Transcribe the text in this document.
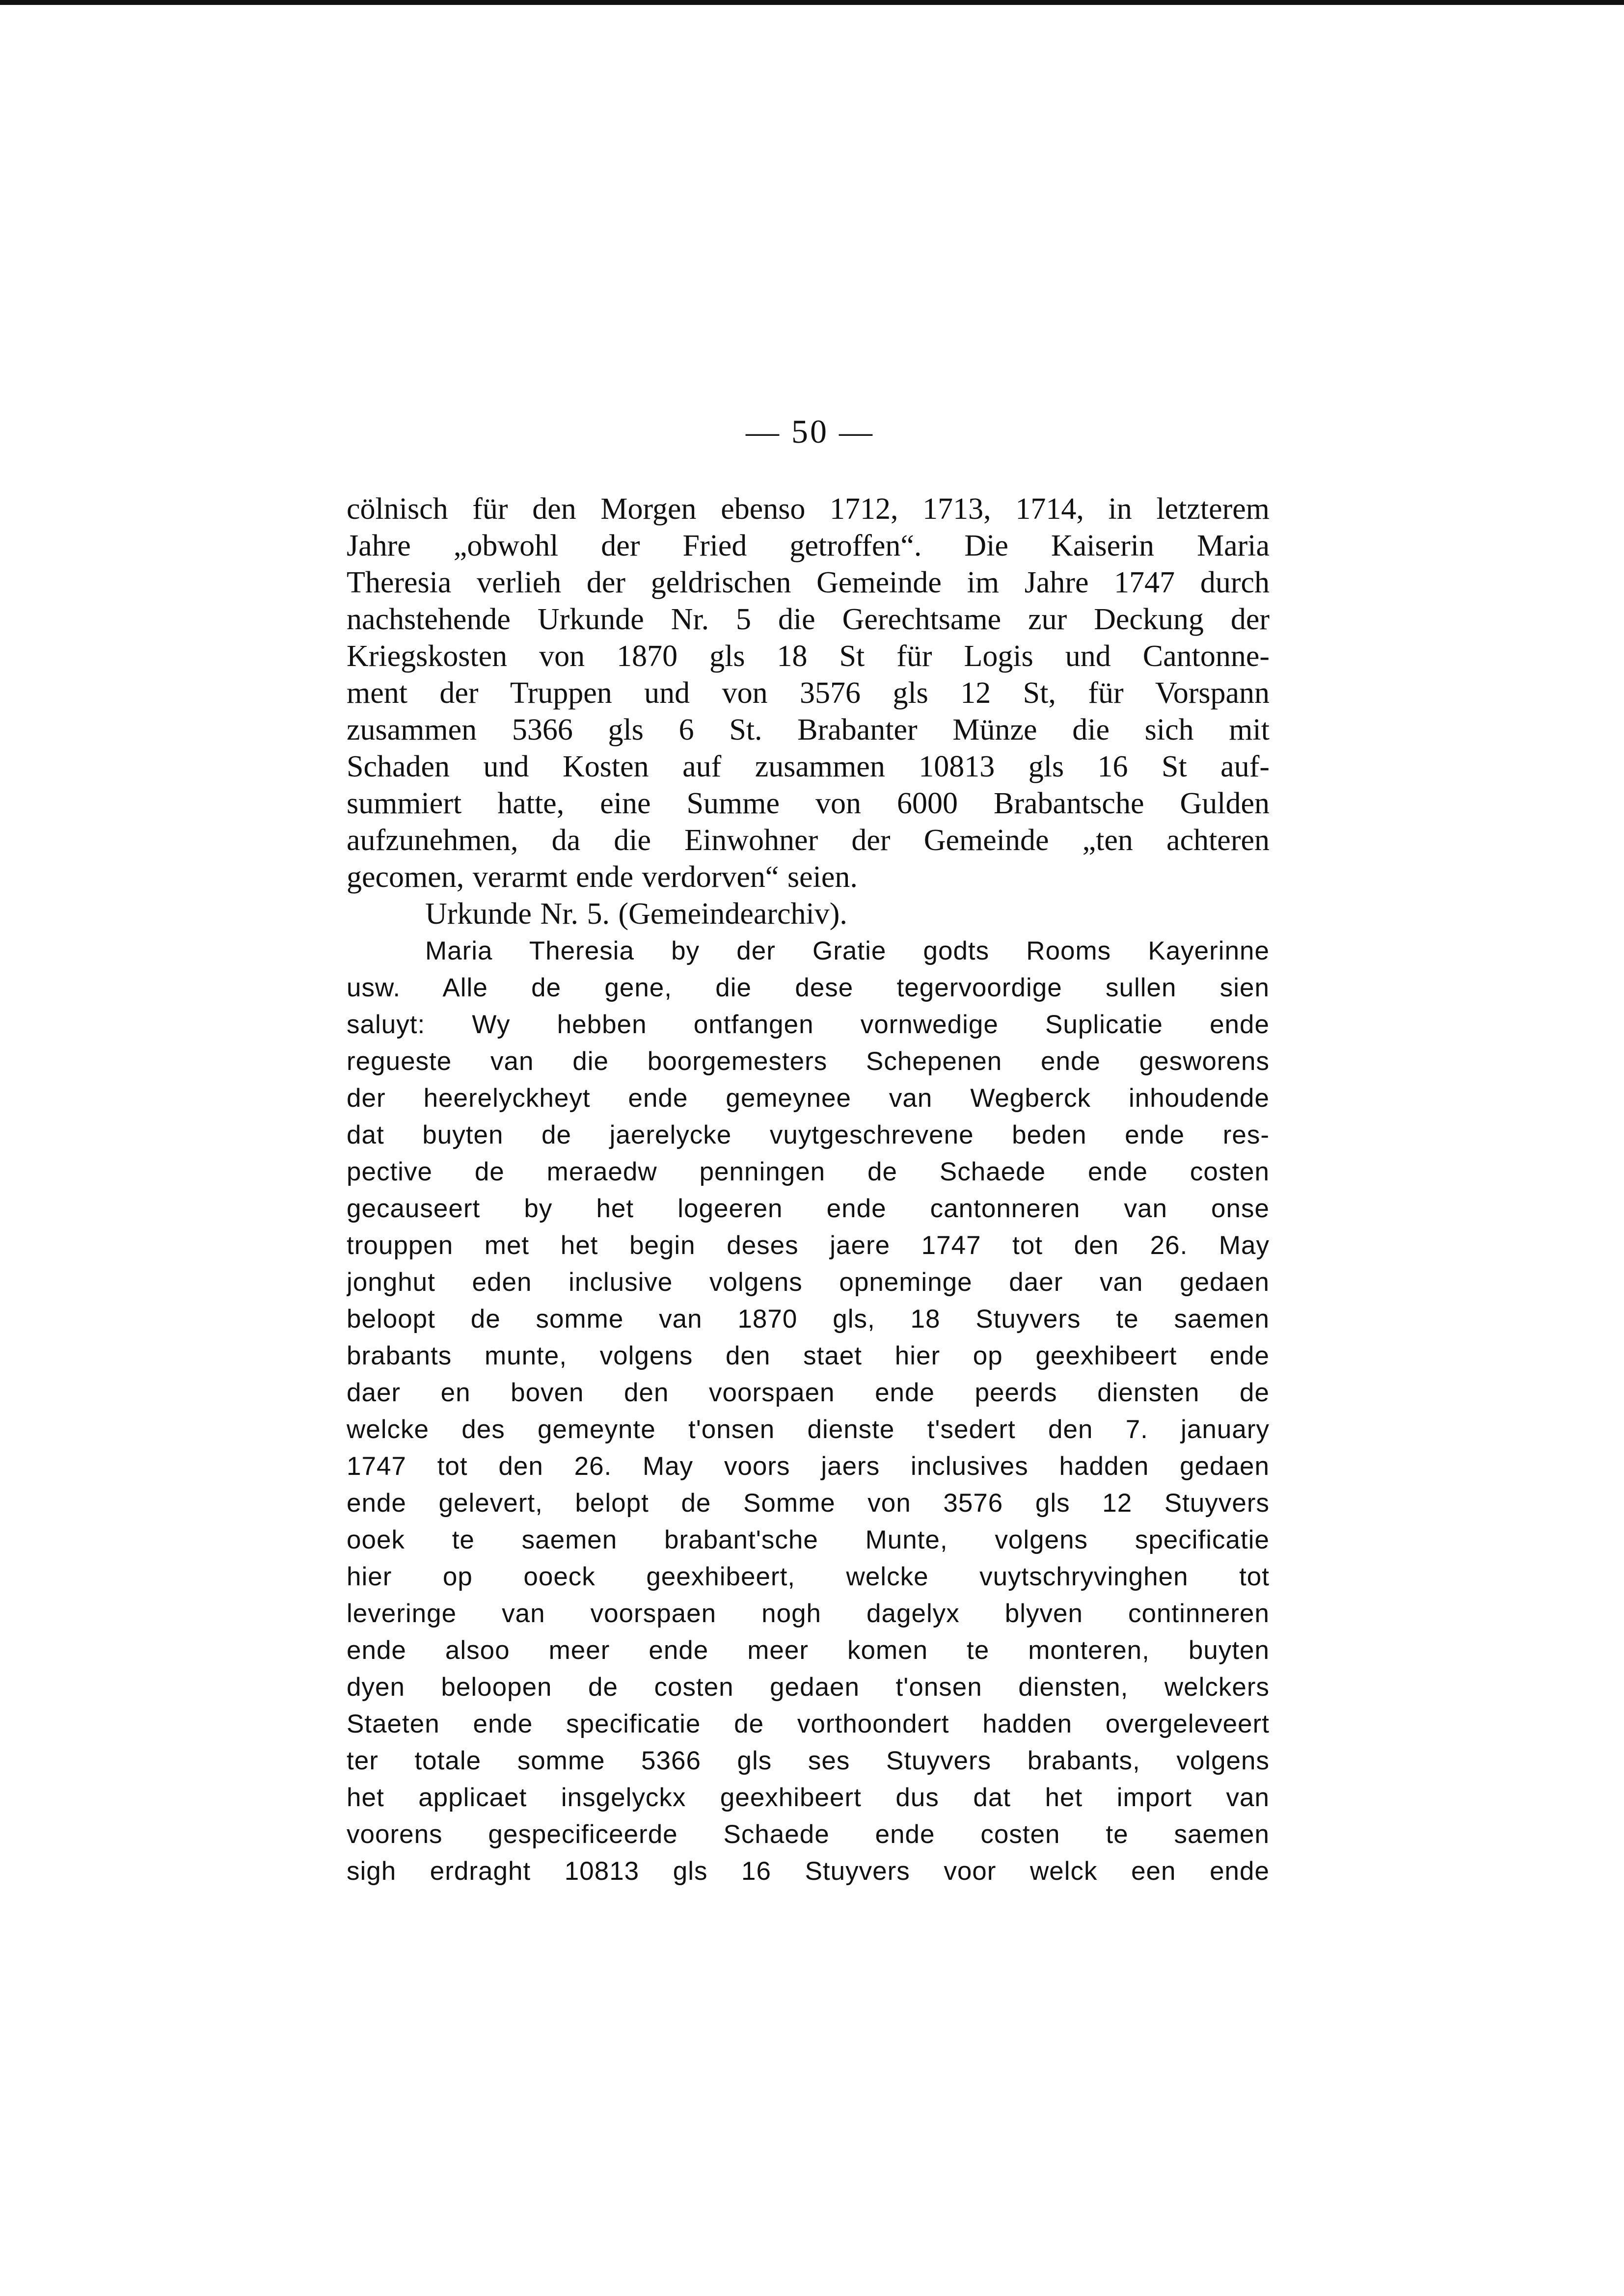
— 50 —
cölnisch für den Morgen ebenso 1712, 1713, 1714, in letzterem
Jahre „obwohl der Fried getroffen“. Die Kaiserin Maria
Theresia verlieh der geldrischen Gemeinde im Jahre 1747 durch
nachstehende Urkunde Nr. 5 die Gerechtsame zur Deckung der
Kriegskosten von 1870 gls 18 St für Logis und Cantonne-
ment der Truppen und von 3576 gls 12 St, für Vorspann
zusammen 5366 gls 6 St. Brabanter Münze die sich mit
Schaden und Kosten auf zusammen 10813 gls 16 St auf-
summiert hatte, eine Summe von 6000 Brabantsche Gulden
aufzunehmen, da die Einwohner der Gemeinde „ten achteren
gecomen, verarmt ende verdorven“ seien.
Urkunde Nr. 5. (Gemeindearchiv).
Maria Theresia by der Gratie godts Rooms Kayerinne
usw. Alle de gene, die dese tegervoordige sullen sien
saluyt: Wy hebben ontfangen vornwedige Suplicatie ende
regueste van die boorgemesters Schepenen ende gesworens
der heerelyckheyt ende gemeynee van Wegberck inhoudende
dat buyten de jaerelycke vuytgeschrevene beden ende res-
pective de meraedw penningen de Schaede ende costen
gecauseert by het logeeren ende cantonneren van onse
trouppen met het begin deses jaere 1747 tot den 26. May
jonghut eden inclusive volgens opneminge daer van gedaen
beloopt de somme van 1870 gls, 18 Stuyvers te saemen
brabants munte, volgens den staet hier op geexhibeert ende
daer en boven den voorspaen ende peerds diensten de
welcke des gemeynte t'onsen dienste t'sedert den 7. january
1747 tot den 26. May voors jaers inclusives hadden gedaen
ende gelevert, belopt de Somme von 3576 gls 12 Stuyvers
ooek te saemen brabant'sche Munte, volgens specificatie
hier op ooeck geexhibeert, welcke vuytschryvinghen tot
leveringe van voorspaen nogh dagelyx blyven continneren
ende alsoo meer ende meer komen te monteren, buyten
dyen beloopen de costen gedaen t'onsen diensten, welckers
Staeten ende specificatie de vorthoondert hadden overgeleveert
ter totale somme 5366 gls ses Stuyvers brabants, volgens
het applicaet insgelyckx geexhibeert dus dat het import van
voorens gespecificeerde Schaede ende costen te saemen
sigh erdraght 10813 gls 16 Stuyvers voor welck een ende
